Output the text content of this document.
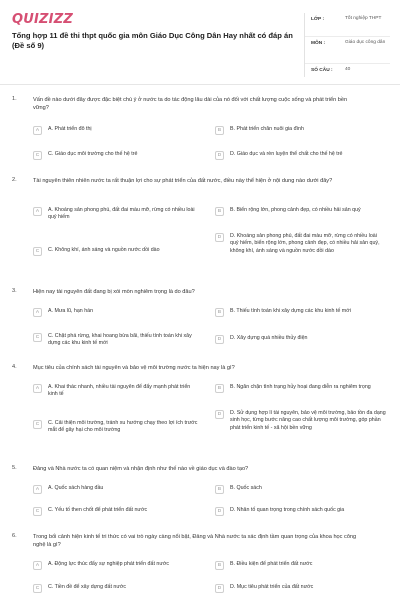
QUIZIZZ
Tổng hợp 11 đề thi thpt quốc gia môn Giáo Dục Công Dân Hay nhất có đáp án (Đề số 9)
LỚP :	Tốt nghiệp THPT
MÔN :	Giáo dục công dân
SỐ CÂU :	40
1.	Vấn đề nào dưới đây được đặc biệt chú ý ở nước ta do tác động lâu dài của nó đối với chất lượng cuộc sống và phát triển bền vững?
A	A. Phát triển đô thị	B	B. Phát triển chăn nuôi gia đình
C	C. Giáo dục môi trường cho thế hệ trẻ	D	D. Giáo dục và rèn luyện thể chất cho thế hệ trẻ
2.	Tài nguyên thiên nhiên nước ta rất thuận lợi cho sự phát triển của đất nước, điều này thể hiện ở nội dung nào dưới đây?
A	A. Khoáng sản phong phú, đất đai màu mỡ, rừng có nhiều loài quý hiếm
B	B. Biển rộng lớn, phong cảnh đẹp, có nhiều hải sản quý
C	C. Không khí, ánh sáng và nguồn nước dồi dào
D	D. Khoáng sản phong phú, đất đai màu mỡ, rừng có nhiều loài quý hiếm, biển rộng lớn, phong cảnh đẹp, có nhiều hải sản quý, không khí, ánh sáng và nguồn nước dồi dào
3.	Hiện nay tài nguyên đất đang bị xói mòn nghiêm trọng là do đâu?
A	A. Mưa lũ, hạn hán	B	B. Thiếu tính toán khi xây dựng các khu kinh tế mới
C	C. Chặt phá rừng, khai hoang bừa bãi, thiếu tính toán khi xây dựng các khu kinh tế mới
D	D. Xây dựng quá nhiều thủy điện
4.	Mục tiêu của chính sách tài nguyên và bảo vệ môi trường nước ta hiện nay là gì?
A	A. Khai thác nhanh, nhiều tài nguyên để đẩy mạnh phát triển kinh tế
B	B. Ngăn chặn tình trạng hủy hoại đang diễn ra nghiêm trọng
C	C. Cải thiện môi trường, tránh xu hướng chạy theo lợi ích trước mắt để gây hại cho môi trường
D	D. Sử dụng hợp lí tài nguyên, bảo vệ môi trường, bảo tồn đa dạng sinh học, từng bước nâng cao chất lượng môi trường, góp phần phát triển kinh tế - xã hội bền vững
5.	Đảng và Nhà nước ta có quan niệm và nhận định như thế nào về giáo dục và đào tạo?
A	A. Quốc sách hàng đầu	B	B. Quốc sách
C	C. Yếu tố then chốt để phát triển đất nước	D	D. Nhân tố quan trọng trong chính sách quốc gia
6.	Trong bối cảnh hiện kinh tế tri thức có vai trò ngày càng nổi bật, Đảng và Nhà nước ta xác định tầm quan trọng của khoa học công nghệ là gì?
A	A. Động lực thúc đẩy sự nghiệp phát triển đất nước	B	B. Điều kiện để phát triển đất nước
C	C. Tiền đề để xây dựng đất nước	D	D. Mục tiêu phát triển của đất nước
